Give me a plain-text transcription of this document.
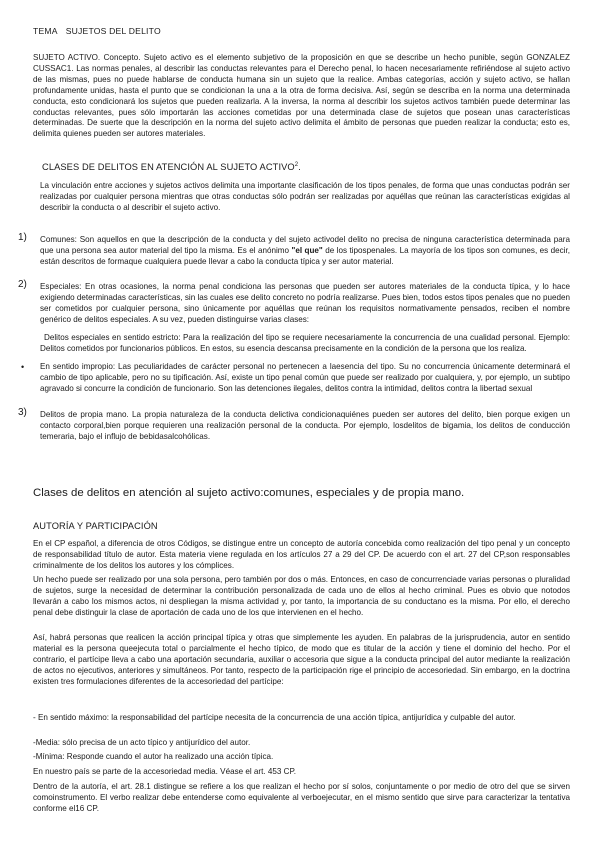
TEMA SUJETOS DEL DELITO

SUJETO ACTIVO. Concepto. Sujeto activo es el elemento subjetivo de la proposición en que se describe un hecho punible, según GONZALEZ CUSSAC1. Las normas penales, al describir las conductas relevantes para el Derecho penal, lo hacen necesariamente refiriéndose al sujeto activo de las mismas, pues no puede hablarse de conducta humana sin un sujeto que la realice. Ambas categorías, acción y sujeto activo, se hallan profundamente unidas, hasta el punto que se condicionan la una a la otra de forma decisiva. Así, según se describa en la norma una determinada conducta, esto condicionará los sujetos que pueden realizarla. A la inversa, la norma al describir los sujetos activos también puede determinar las conductas relevantes, pues sólo importarán las acciones cometidas por una determinada clase de sujetos que posean unas características determinadas. De suerte que la descripción en la norma del sujeto activo delimita el ámbito de personas que pueden realizar la conducta; esto es, delimita quienes pueden ser autores materiales.

CLASES DE DELITOS EN ATENCIÓN AL SUJETO ACTIVO$^2$.

La vinculación entre acciones y sujetos activos delimita una importante clasificación de los tipos penales, de forma que unas conductas podrán ser realizadas por cualquier persona mientras que otras conductas sólo podrán ser realizadas por aquéllas que reúnan las características exigidas al describir la conducta o al describir el sujeto activo.

1) Comunes: Son aquellos en que la descripción de la conducta y del sujeto activodel delito no precisa de ninguna característica determinada para que una persona sea autor material del tipo la misma. Es el anónimo "el que" de los tipospenales. La mayoría de los tipos son comunes, es decir, están descritos de formaque cualquiera puede llevar a cabo la conducta típica y ser autor material.

2) Especiales: En otras ocasiones, la norma penal condiciona las personas que pueden ser autores materiales de la conducta típica, y lo hace exigiendo determinadas características, sin las cuales ese delito concreto no podría realizarse. Pues bien, todos estos tipos penales que no pueden ser cometidos por cualquier persona, sino únicamente por aquéllas que reúnan los requisitos normativamente pensados, reciben el nombre genérico de delitos especiales. A su vez, pueden distinguirse varias clases:

Delitos especiales en sentido estricto: Para la realización del tipo se requiere necesariamente la concurrencia de una cualidad personal. Ejemplo: Delitos cometidos por funcionarios públicos. En estos, su esencia descansa precisamente en la condición de la persona que los realiza.

• En sentido impropio: Las peculiaridades de carácter personal no pertenecen a laesencia del tipo. Su no concurrencia únicamente determinará el cambio de tipo aplicable, pero no su tipificación. Así, existe un tipo penal común que puede ser realizado por cualquiera, y, por ejemplo, un subtipo agravado si concurre la condición de funcionario. Son las detenciones ilegales, delitos contra la intimidad, delitos contra la libertad sexual

3) Delitos de propia mano. La propia naturaleza de la conducta delictiva condicionaquiénes pueden ser autores del delito, bien porque exigen un contacto corporal,bien porque requieren una realización personal de la conducta. Por ejemplo, losdelitos de bigamia, los delitos de conducción temeraria, bajo el influjo de bebidasalcohólicas.

Clases de delitos en atención al sujeto activo:comunes, especiales y de propia mano.
AUTORÍA Y PARTICIPACIÓN

En el CP español, a diferencia de otros Códigos, se distingue entre un concepto de autoría concebida como realización del tipo penal y un concepto de responsabilidad título de autor. Esta materia viene regulada en los artículos 27 a 29 del CP. De acuerdo con el art. 27 del CP,son responsables criminalmente de los delitos los autores y los cómplices.

Un hecho puede ser realizado por una sola persona, pero también por dos o más. Entonces, en caso de concurrenciade varias personas o pluralidad de sujetos, surge la necesidad de determinar la contribución personalizada de cada uno de ellos al hecho criminal. Pues es obvio que notodos llevarán a cabo los mismos actos, ni despliegan la misma actividad y, por tanto, la importancia de su conductano es la misma. Por ello, el derecho penal debe distinguir la clase de aportación de cada uno de los que intervienen en el hecho.

Así, habrá personas que realicen la acción principal típica y otras que simplemente les ayuden. En palabras de la jurisprudencia, autor en sentido material es la persona queejecuta total o parcialmente el hecho típico, de modo que es titular de la acción y tiene el dominio del hecho. Por el contrario, el partícipe lleva a cabo una aportación secundaria, auxiliar o accesoria que sigue a la conducta principal del autor mediante la realización de actos no ejecutivos, anteriores y simultáneos. Por tanto, respecto de la participación rige el principio de accesoriedad. Sin embargo, en la doctrina existen tres formulaciones diferentes de la accesoriedad del partícipe:

- En sentido máximo: la responsabilidad del partícipe necesita de la concurrencia de una acción típica, antijurídica y culpable del autor.

-Media: sólo precisa de un acto típico y antijurídico del autor.

-Mínima: Responde cuando el autor ha realizado una acción típica.

En nuestro país se parte de la accesoriedad media. Véase el art. 453 CP.

Dentro de la autoría, el art. 28.1 distingue se refiere a los que realizan el hecho por sí solos, conjuntamente o por medio de otro del que se sirven comoinstrumento. El verbo realizar debe entenderse como equivalente al verboejecutar, en el mismo sentido que sirve para caracterizar la tentativa conforme el16 CP.
